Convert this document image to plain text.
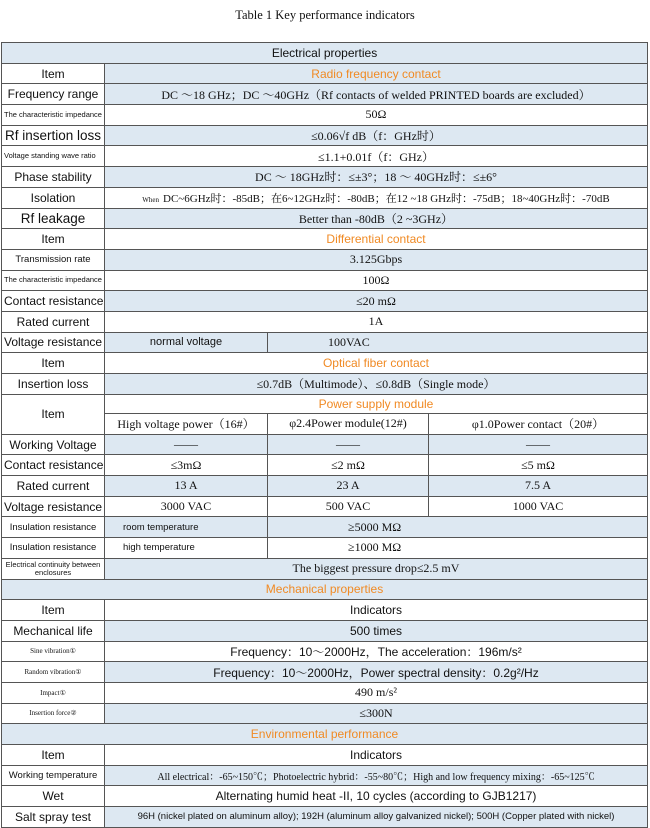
Table 1 Key performance indicators
Electrical properties			
Item	Radio frequency contact		
Frequency range	DC ～18 GHz；DC ～40GHz（Rf contacts of welded PRINTED boards are excluded）		
The characteristic impedance	50Ω		
Rf insertion loss	≤0.06√f dB（f：GHz时）		
Voltage standing wave ratio	≤1.1+0.01f（f：GHz）		
Phase stability	DC ～ 18GHz时：≤±3°；18 ～ 40GHz时：≤±6°		
Isolation	When DC~6GHz时：-85dB；在6~12GHz时：-80dB；在12 ~18 GHz时：-75dB；18~40GHz时：-70dB		
Rf leakage	Better than -80dB（2 ~3GHz）		
Item	Differential contact		
Transmission rate	3.125Gbps		
The characteristic impedance	100Ω		
Contact resistance	≤20 mΩ		
Rated current	1A		
Voltage resistance	normal voltage	100VAC	
Item	Optical fiber contact		
Insertion loss	≤0.7dB（Multimode）、≤0.8dB（Single mode）		
Item	Power supply module		
	High voltage power（16#）	φ2.4Power module(12#)	φ1.0Power contact（20#）
Working Voltage	——	——	——
Contact resistance	≤3mΩ	≤2 mΩ	≤5 mΩ
Rated current	13 A	23 A	7.5 A
Voltage resistance	3000 VAC	500 VAC	1000 VAC
Insulation resistance	room temperature	≥5000 MΩ	
Insulation resistance	high temperature	≥1000 MΩ	
Electrical continuity between enclosures	The biggest pressure drop≤2.5 mV		
Mechanical properties			
Item	Indicators		
Mechanical life	500 times		
Sine vibration①	Frequency：10～2000Hz，The acceleration：196m/s²		
Random vibration①	Frequency：10～2000Hz，Power spectral density：0.2g²/Hz		
Impact①	490 m/s²		
Insertion force②	≤300N		
Environmental performance			
Item	Indicators		
Working temperature	All electrical：-65~150℃；Photoelectric hybrid：-55~80℃；High and low frequency mixing：-65~125℃		
Wet	Alternating humid heat -II, 10 cycles (according to GJB1217)		
Salt spray test	96H (nickel plated on aluminum alloy); 192H (aluminum alloy galvanized nickel); 500H (Copper plated with nickel)		
